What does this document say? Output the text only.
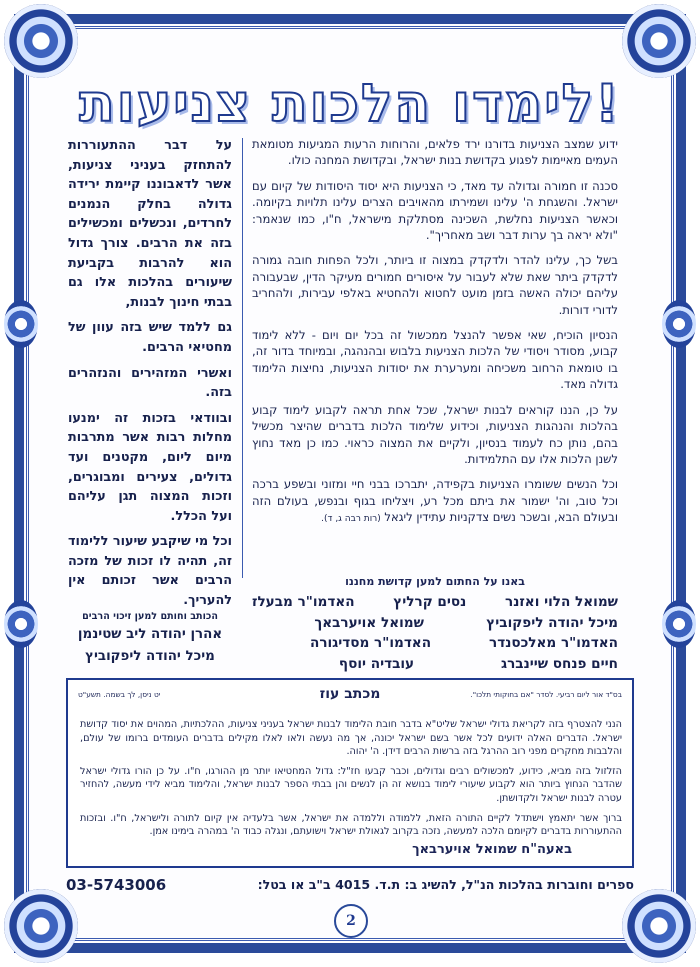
לימדו הלכות צניעות!

ידוע שמצב הצניעות בדורנו ירד פלאים, והרוחות הרעות המגיעות מטומאת העמים מאיימות לפגוע בקדושת בנות ישראל, ובקדושת המחנה כולו.

סכנה זו חמורה וגדולה עד מאד, כי הצניעות היא יסוד היסודות של קיום עם ישראל. והשגחת ה' עלינו ושמירתו מהאויבים הצרים עלינו תלויות בקיומה. וכאשר הצניעות נחלשת, השכינה מסתלקת מישראל, ח"ו, כמו שנאמר: "ולא יראה בך ערות דבר ושב מאחריך".

בשל כך, עלינו להדר ולדקדק במצוה זו ביותר, ולכל הפחות חובה גמורה לדקדק ביתר שאת שלא לעבור על איסורים חמורים מעיקר הדין, שבעבורה עליהם יכולה האשה בזמן מועט לחטוא ולהחטיא באלפי עבירות, ולהחריב לדורי דורות.

הנסיון הוכיח, שאי אפשר להנצל ממכשול זה בכל יום ויום - ללא לימוד קבוע, מסודר ויסודי של הלכות הצניעות בלבוש ובהנהגה, ובמיוחד בדור זה, בו טומאת הרחוב משכיחה ומערערת את יסודות הצניעות, נחיצות הלימוד גדולה מאד.

על כן, הננו קוראים לבנות ישראל, שכל אחת תראה לקבוע לימוד קבוע בהלכות והנהגות הצניעות, וכידוע שלימוד הלכות בדברים שהיצר מכשיל בהם, נותן כח לעמוד בנסיון, ולקיים את המצוה כראוי. כמו כן מאד נחוץ לשנן הלכות אלו עם התלמידות.

וכל הנשים ששומרו הצניעות בקפידה, יתברכו בבני חיי ומזוני ובשפע ברכה וכל טוב, וה' ישמור את ביתם מכל רע, ויצליחו בגוף ובנפש, בעולם הזה ובעולם הבא, ובשכר נשים צדקניות עתידין ליגאל (רות רבה ג, ד).

על דבר ההתעוררות להתחזק בעניני צניעות, אשר לדאבוננו קיימת ירידה גדולה בחלק הנמנים לחרדים, ונכשלים ומכשילים בזה את הרבים. צורך גדול הוא להרבות בקביעת שיעורים בהלכות אלו גם בבתי חינוך לבנות,

גם ללמד שיש בזה עוון של מחטיאי הרבים.

ואשרי המזהירים והנזהרים בזה.

ובוודאי בזכות זה ימנעו מחלות רבות אשר מתרבות מיום ליום, מקטנים ועד גדולים, צעירים ומבוגרים, וזכות המצוה תגן עליהם ועל הכלל.

וכל מי שיקבע שיעור ללימוד זה, תהיה לו זכות של מזכה הרבים אשר זכותם אין להעריך.

באנו על החתום למען קדושת מחננו
שמואל הלוי ואזנר
נסים קרליץ
האדמו"ר מבעלז
מיכל יהודה ליפקוביץ
שמואל אויערבאך
האדמו"ר מאלכסנדר
האדמו"ר מסדיגורה
חיים פנחס שיינברג
עובדיה יוסף
הכותב וחותם למען זיכוי הרבים
אהרן יהודה ליב שטינמן
מיכל יהודה ליפקוביץ
מכתב עוז	בס"ד אור ליום רביעי. לסדר "אם בחוקותי תלכו".
יט ניסן, לך בשמה. תשע"ט

הנני להצטרף בזה לקריאת גדולי ישראל שליט"א בדבר חובת הלימוד לבנות ישראל בעניני צניעות, ההלכתיות, המהוים את יסוד קדושת ישראל. הדברים האלה ידועים לכל אשר בשם ישראל יכונה, אך מה נעשה ולאו לאלו מקילים בדברים העומדים ברומו של עולם, והלבבות מחקרים מפני רוב ההרגל בזה ברשות הרבים דידן. ה' יהוה.

הזלזול בזה מביא, כידוע, למכשולים רבים וגדולים, וכבר קבעו חז"ל: גדול המחטיאו יותר מן ההורגו, ח"ו. על כן הורו גדולי ישראל שהדבר הנחוץ ביותר הוא לקבוע שיעורי לימוד בנושא זה הן לנשים והן בבתי הספר לבנות ישראל, והלימוד מביא לידי מעשה, להחזיר עטרה לבנות ישראל ולקדושתן.

ברוך אשר יתאמץ וישתדל לקיים התורה הזאת, ללמודה וללמדה את ישראל, אשר בלעדיה אין קיום לתורה ולישראל, ח"ו. ובזכות ההתעוררות בדברים לקיומם הלכה למעשה, נזכה בקרוב לגאולת ישראל וישועתם, ונגלה כבוד ה' במהרה בימינו אמן.

באעה"ח שמואל אויערבאך
ספרים וחוברות בהלכות הנ"ל, להשיג ב: ת.ד. 4015 ב"ב או בטל:
03-5743006
2
